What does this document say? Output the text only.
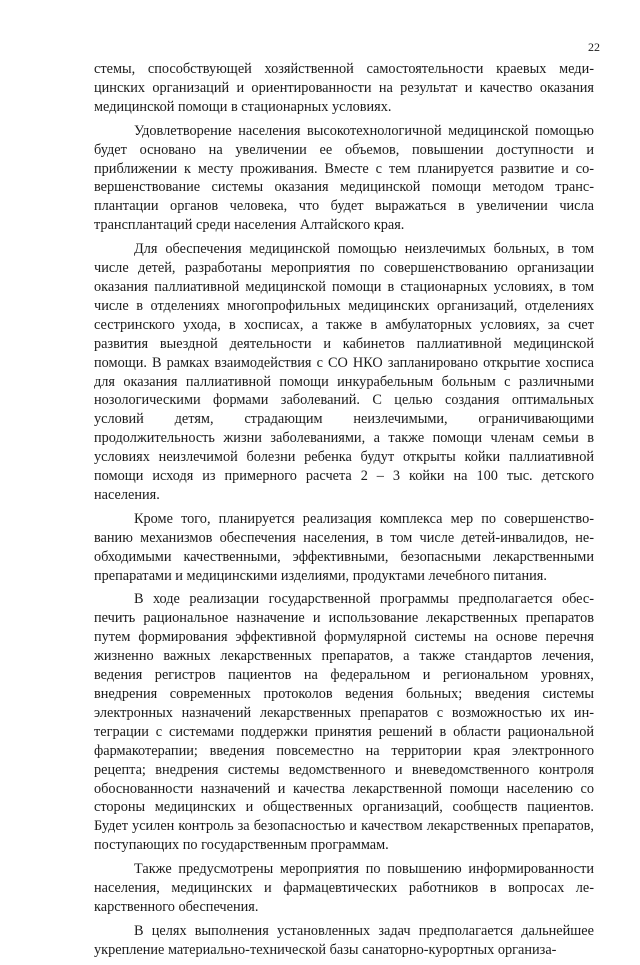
22

стемы, способствующей хозяйственной самостоятельности краевых медицинских организаций и ориентированности на результат и качество оказания медицинской помощи в стационарных условиях.

Удовлетворение населения высокотехнологичной медицинской помощью будет основано на увеличении ее объемов, повышении доступности и приближении к месту проживания. Вместе с тем планируется развитие и совершенствование системы оказания медицинской помощи методом трансплантации органов человека, что будет выражаться в увеличении числа трансплантаций среди населения Алтайского края.

Для обеспечения медицинской помощью неизлечимых больных, в том числе детей, разработаны мероприятия по совершенствованию организации оказания паллиативной медицинской помощи в стационарных условиях, в том числе в отделениях многопрофильных медицинских организаций, отделениях сестринского ухода, в хосписах, а также в амбулаторных условиях, за счет развития выездной деятельности и кабинетов паллиативной медицинской помощи. В рамках взаимодействия с СО НКО запланировано открытие хосписа для оказания паллиативной помощи инкурабельным больным с различными нозологическими формами заболеваний. С целью создания оптимальных условий детям, страдающим неизлечимыми, ограничивающими продолжительность жизни заболеваниями, а также помощи членам семьи в условиях неизлечимой болезни ребенка будут открыты койки паллиативной помощи исходя из примерного расчета 2 – 3 койки на 100 тыс. детского населения.

Кроме того, планируется реализация комплекса мер по совершенствованию механизмов обеспечения населения, в том числе детей-инвалидов, необходимыми качественными, эффективными, безопасными лекарственными препаратами и медицинскими изделиями, продуктами лечебного питания.

В ходе реализации государственной программы предполагается обеспечить рациональное назначение и использование лекарственных препаратов путем формирования эффективной формулярной системы на основе перечня жизненно важных лекарственных препаратов, а также стандартов лечения, ведения регистров пациентов на федеральном и региональном уровнях, внедрения современных протоколов ведения больных; введения системы электронных назначений лекарственных препаратов с возможностью их интеграции с системами поддержки принятия решений в области рациональной фармакотерапии; введения повсеместно на территории края электронного рецепта; внедрения системы ведомственного и вневедомственного контроля обоснованности назначений и качества лекарственной помощи населению со стороны медицинских и общественных организаций, сообществ пациентов. Будет усилен контроль за безопасностью и качеством лекарственных препаратов, поступающих по государственным программам.

Также предусмотрены мероприятия по повышению информированности населения, медицинских и фармацевтических работников в вопросах лекарственного обеспечения.

В целях выполнения установленных задач предполагается дальнейшее укрепление материально-технической базы санаторно-курортных организа-
